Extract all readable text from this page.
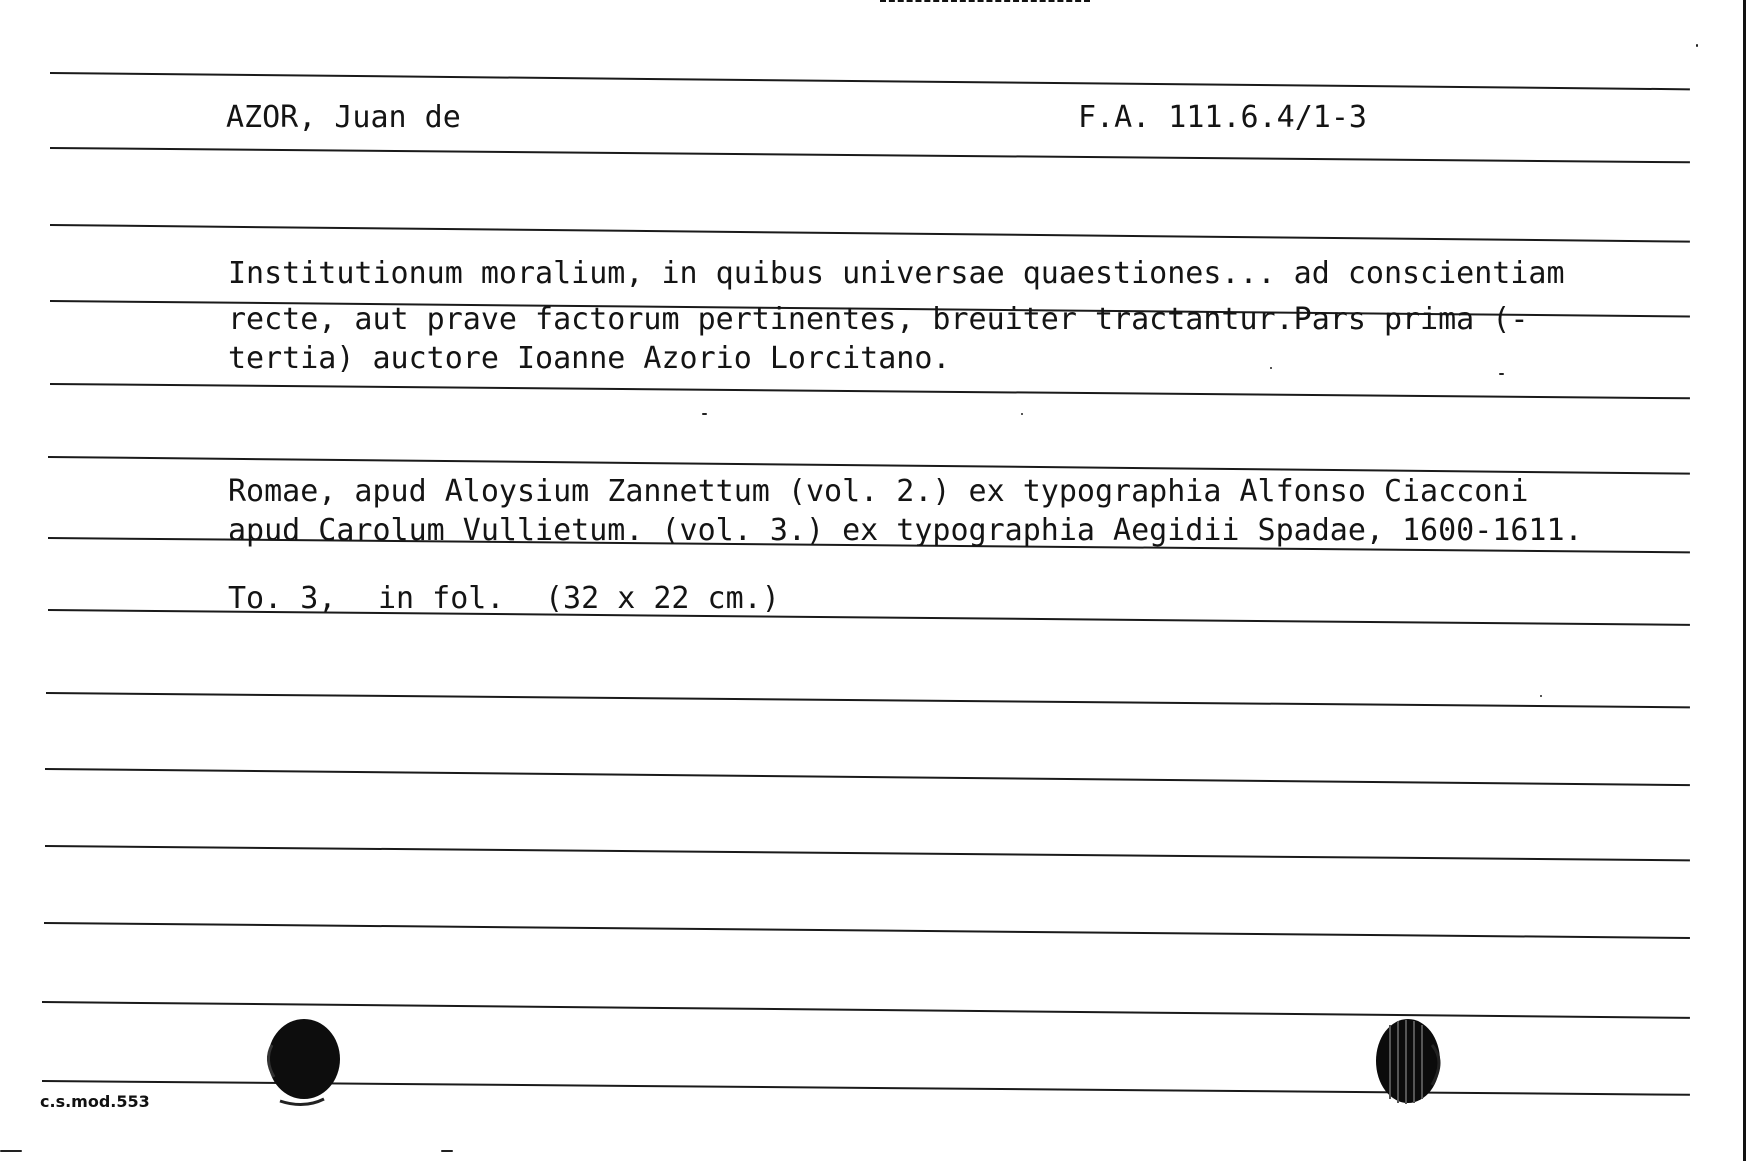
AZOR, Juan de	F.A. 111.6.4/1-3
Institutionum moralium, in quibus universae quaestiones... ad conscientiam
recte, aut prave factorum pertinentes, breuiter tractantur.Pars prima (-
tertia) auctore Ioanne Azorio Lorcitano.
Romae, apud Aloysium Zannettum (vol. 2.) ex typographia Alfonso Ciacconi
apud Carolum Vullietum. (vol. 3.) ex typographia Aegidii Spadae, 1600-1611.
To. 3, in fol. (32 x 22 cm.)
c.s.mod.553
